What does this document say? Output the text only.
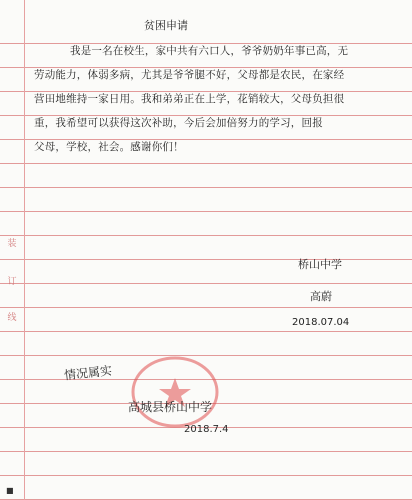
装
订
线
贫困申请
我是一名在校生，家中共有六口人，爷爷奶奶年事已高，无
劳动能力，体弱多病，尤其是爷爷腿不好，父母都是农民，在家经
营田地维持一家日用。我和弟弟正在上学，花销较大，父母负担很
重，我希望可以获得这次补助，今后会加倍努力的学习，回报
父母，学校，社会。感谢你们！
桥山中学
高蔚
2018.07.04
情况属实
高城县桥山中学
2018.7.4
■
